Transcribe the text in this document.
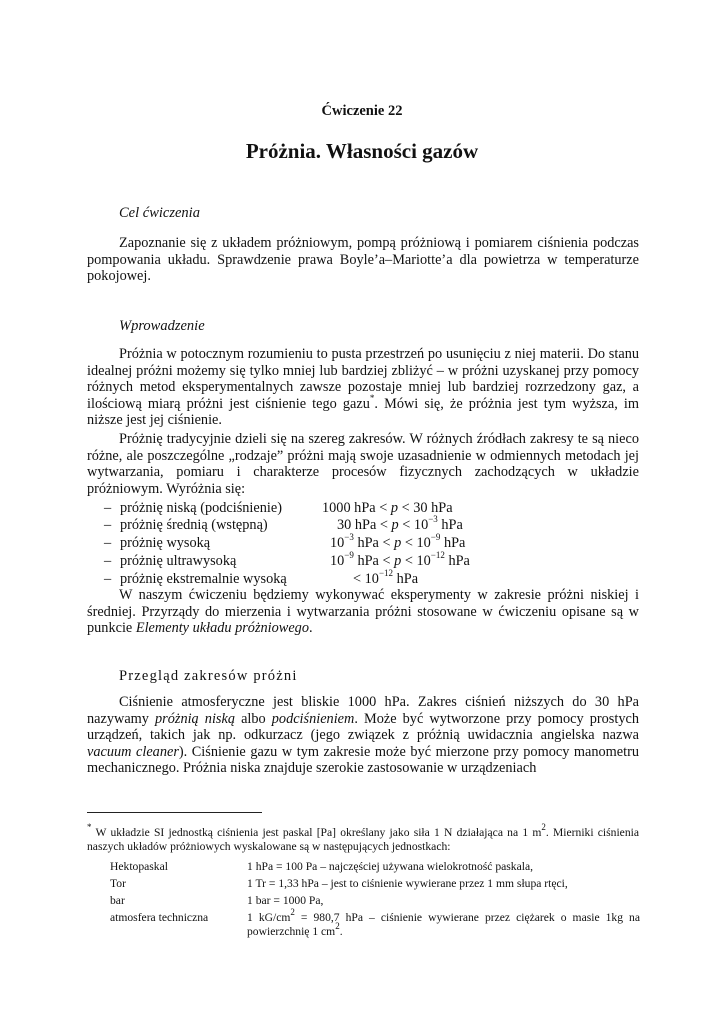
Ćwiczenie 22
Próżnia. Własności gazów
Cel ćwiczenia
Zapoznanie się z układem próżniowym, pompą próżniową i pomiarem ciśnienia podczas pompowania układu. Sprawdzenie prawa Boyle’a–Mariotte’a dla powietrza w temperaturze pokojowej.
Wprowadzenie
Próżnia w potocznym rozumieniu to pusta przestrzeń po usunięciu z niej materii. Do stanu idealnej próżni możemy się tylko mniej lub bardziej zbliżyć – w próżni uzyskanej przy pomocy różnych metod eksperymentalnych zawsze pozostaje mniej lub bardziej rozrzedzony gaz, a ilościową miarą próżni jest ciśnienie tego gazu*. Mówi się, że próżnia jest tym wyższa, im niższe jest jej ciśnienie.
Próżnię tradycyjnie dzieli się na szereg zakresów. W różnych źródłach zakresy te są nieco różne, ale poszczególne „rodzaje” próżni mają swoje uzasadnienie w odmiennych metodach jej wytwarzania, pomiaru i charakterze procesów fizycznych zachodzących w układzie próżniowym. Wyróżnia się:
– próżnię niską (podciśnienie)	1000 hPa < p < 30 hPa
– próżnię średnią (wstępną)	30 hPa < $p < 10^{-3}$ hPa
– próżnię wysoką	$10^{-3}$ hPa < $p < 10^{-9}$ hPa
– próżnię ultrawysoką	$10^{-9}$ hPa < $p < 10^{-12}$ hPa
– próżnię ekstremalnie wysoką	< $10^{-12}$ hPa
W naszym ćwiczeniu będziemy wykonywać eksperymenty w zakresie próżni niskiej i średniej. Przyrządy do mierzenia i wytwarzania próżni stosowane w ćwiczeniu opisane są w punkcie Elementy układu próżniowego.
Przegląd zakresów próżni
Ciśnienie atmosferyczne jest bliskie 1000 hPa. Zakres ciśnień niższych do 30 hPa nazywamy próżnią niską albo podciśnieniem. Może być wytworzone przy pomocy prostych urządzeń, takich jak np. odkurzacz (jego związek z próżnią uwidacznia angielska nazwa vacuum cleaner). Ciśnienie gazu w tym zakresie może być mierzone przy pomocy manometru mechanicznego. Próżnia niska znajduje szerokie zastosowanie w urządzeniach
* W układzie SI jednostką ciśnienia jest paskal [Pa] określany jako siła 1 N działająca na 1 $m^2$. Mierniki ciśnienia naszych układów próżniowych wyskalowane są w następujących jednostkach:
Hektopaskal	1 hPa = 100 Pa – najczęściej używana wielokrotność paskala,
Tor	1 Tr = 1,33 hPa – jest to ciśnienie wywierane przez 1 mm słupa rtęci,
bar	1 bar = 1000 Pa,
atmosfera techniczna	1 $kG/cm^2 = 980,7$ hPa – ciśnienie wywierane przez ciężarek o masie 1kg na powierzchnię 1 $cm^2$.
